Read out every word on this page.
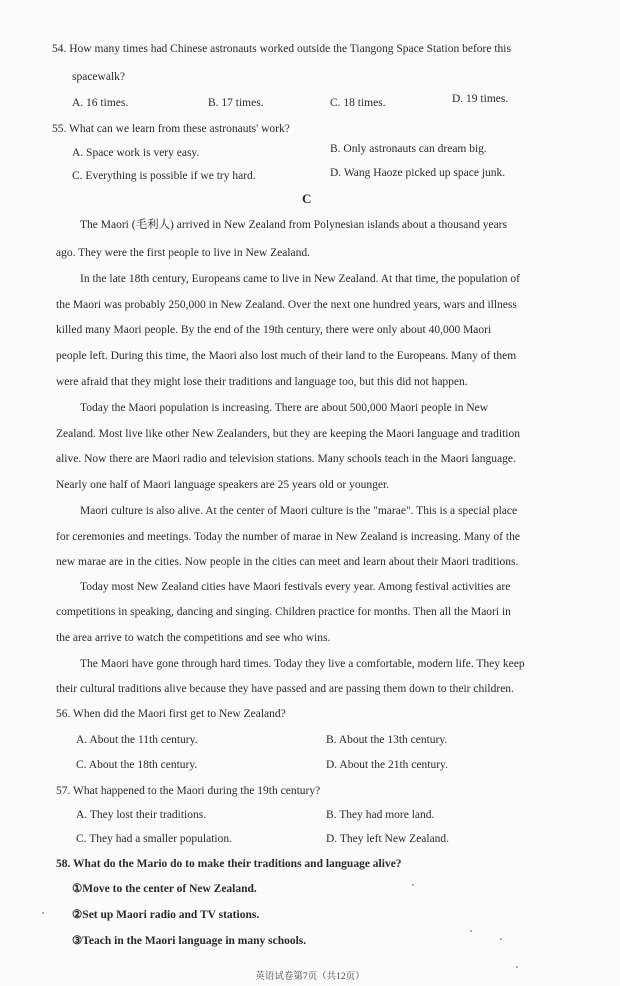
54. How many times had Chinese astronauts worked outside the Tiangong Space Station before this
spacewalk?
A. 16 times.	B. 17 times.	C. 18 times.	D. 19 times.
55. What can we learn from these astronauts' work?
A. Space work is very easy.	B. Only astronauts can dream big.
C. Everything is possible if we try hard.	D. Wang Haoze picked up space junk.
C
The Maori (毛利人) arrived in New Zealand from Polynesian islands about a thousand years
ago. They were the first people to live in New Zealand.
In the late 18th century, Europeans came to live in New Zealand. At that time, the population of
the Maori was probably 250,000 in New Zealand. Over the next one hundred years, wars and illness
killed many Maori people. By the end of the 19th century, there were only about 40,000 Maori
people left. During this time, the Maori also lost much of their land to the Europeans. Many of them
were afraid that they might lose their traditions and language too, but this did not happen.
Today the Maori population is increasing. There are about 500,000 Maori people in New
Zealand. Most live like other New Zealanders, but they are keeping the Maori language and tradition
alive. Now there are Maori radio and television stations. Many schools teach in the Maori language.
Nearly one half of Maori language speakers are 25 years old or younger.
Maori culture is also alive. At the center of Maori culture is the "marae". This is a special place
for ceremonies and meetings. Today the number of marae in New Zealand is increasing. Many of the
new marae are in the cities. Now people in the cities can meet and learn about their Maori traditions.
Today most New Zealand cities have Maori festivals every year. Among festival activities are
competitions in speaking, dancing and singing. Children practice for months. Then all the Maori in
the area arrive to watch the competitions and see who wins.
The Maori have gone through hard times. Today they live a comfortable, modern life. They keep
their cultural traditions alive because they have passed and are passing them down to their children.
56. When did the Maori first get to New Zealand?
A. About the 11th century.	B. About the 13th century.
C. About the 18th century.	D. About the 21th century.
57. What happened to the Maori during the 19th century?
A. They lost their traditions.	B. They had more land.
C. They had a smaller population.	D. They left New Zealand.
58. What do the Mario do to make their traditions and language alive?
①Move to the center of New Zealand.
②Set up Maori radio and TV stations.
③Teach in the Maori language in many schools.
英语试卷第7页（共12页）
